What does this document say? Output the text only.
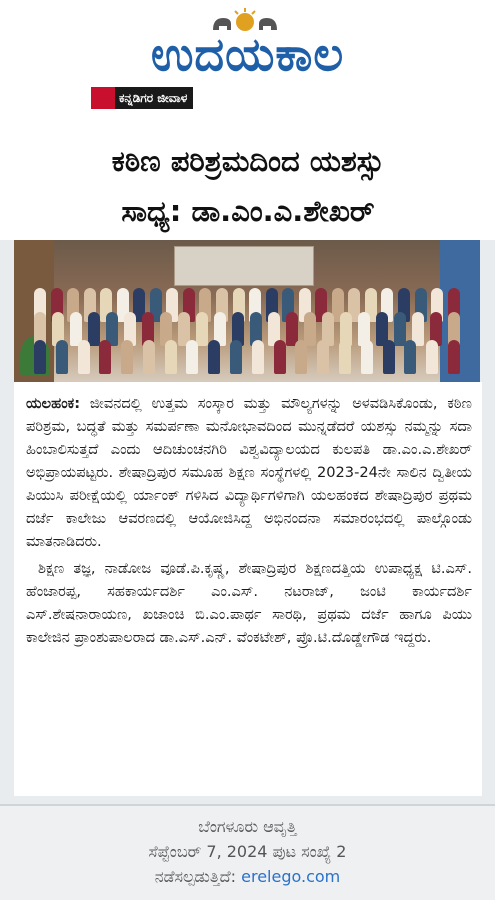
ಉದಯಕಾಲ
ಕನ್ನಡಿಗರ ಜೀವಾಳ
ಕಠಿಣ ಪರಿಶ್ರಮದಿಂದ ಯಶಸ್ಸು
ಸಾಧ್ಯ: ಡಾ.ಎಂ.ಎ.ಶೇಖರ್

ಯಲಹಂಕ: ಜೀವನದಲ್ಲಿ ಉತ್ತಮ ಸಂಸ್ಕಾರ ಮತ್ತು ಮೌಲ್ಯಗಳನ್ನು ಅಳವಡಿಸಿಕೊಂಡು, ಕಠಿಣ ಪರಿಶ್ರಮ, ಬದ್ಧತೆ ಮತ್ತು ಸಮರ್ಪಣಾ ಮನೋಭಾವದಿಂದ ಮುನ್ನಡೆದರೆ ಯಶಸ್ಸು ನಮ್ಮನ್ನು ಸದಾ ಹಿಂಬಾಲಿಸುತ್ತದೆ ಎಂದು ಆದಿಚುಂಚನಗಿರಿ ವಿಶ್ವವಿದ್ಯಾಲಯದ ಕುಲಪತಿ ಡಾ.ಎಂ.ಎ.ಶೇಖರ್ ಅಭಿಪ್ರಾಯಪಟ್ಟರು. ಶೇಷಾದ್ರಿಪುರ ಸಮೂಹ ಶಿಕ್ಷಣ ಸಂಸ್ಥೆಗಳಲ್ಲಿ 2023-24ನೇ ಸಾಲಿನ ದ್ವಿತೀಯ ಪಿಯುಸಿ ಪರೀಕ್ಷೆಯಲ್ಲಿ ರ್ಯಾಂಕ್ ಗಳಿಸಿದ ವಿದ್ಯಾರ್ಥಿಗಳಿಗಾಗಿ ಯಲಹಂಕದ ಶೇಷಾದ್ರಿಪುರ ಪ್ರಥಮ ದರ್ಜೆ ಕಾಲೇಜು ಆವರಣದಲ್ಲಿ ಆಯೋಜಿಸಿದ್ದ ಅಭಿನಂದನಾ ಸಮಾರಂಭದಲ್ಲಿ ಪಾಲ್ಗೊಂಡು ಮಾತನಾಡಿದರು.

ಶಿಕ್ಷಣ ತಜ್ಞ, ನಾಡೋಜ ವೂಡೆ.ಪಿ.ಕೃಷ್ಣ, ಶೇಷಾದ್ರಿಪುರ ಶಿಕ್ಷಣದತ್ತಿಯ ಉಪಾಧ್ಯಕ್ಷ ಟಿ.ಎಸ್. ಹೆಂಜಾರಪ್ಪ, ಸಹಕಾರ್ಯದರ್ಶಿ ಎಂ.ಎಸ್. ನಟರಾಜ್, ಜಂಟಿ ಕಾರ್ಯದರ್ಶಿ ಎಸ್.ಶೇಷನಾರಾಯಣ, ಖಜಾಂಚಿ ಬಿ.ಎಂ.ಪಾರ್ಥ ಸಾರಥಿ, ಪ್ರಥಮ ದರ್ಜೆ ಹಾಗೂ ಪಿಯು ಕಾಲೇಜಿನ ಪ್ರಾಂಶುಪಾಲರಾದ ಡಾ.ಎಸ್.ಎನ್. ವೆಂಕಟೇಶ್, ಪ್ರೊ.ಟಿ.ದೊಡ್ಡೇಗೌಡ ಇದ್ದರು.

ಬೆಂಗಳೂರು ಆವೃತ್ತಿ
ಸೆಪ್ಟೆಂಬರ್ 7, 2024 ಪುಟ ಸಂಖ್ಯೆ 2
ನಡೆಸಲ್ಪಡುತ್ತಿದೆ: erelego.com
